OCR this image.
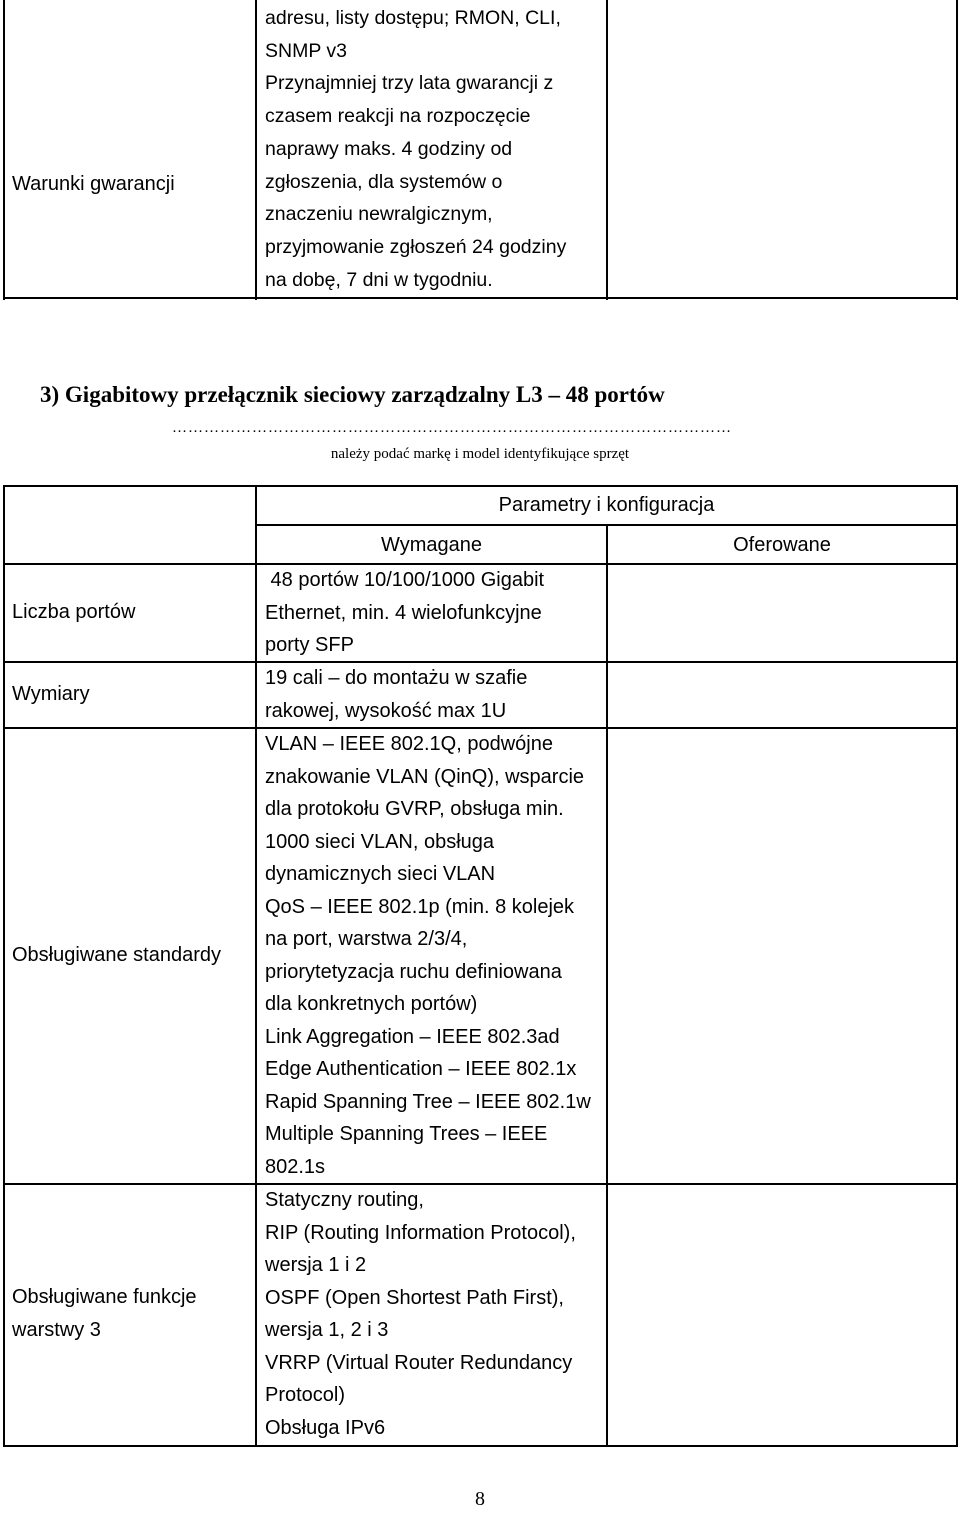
Warunki gwarancji
adresu, listy dostępu; RMON, CLI,
SNMP v3
Przynajmniej trzy lata gwarancji z
czasem reakcji na rozpoczęcie
naprawy maks. 4 godziny od
zgłoszenia, dla systemów o
znaczeniu newralgicznym,
przyjmowanie zgłoszeń 24 godziny
na dobę, 7 dni w tygodniu.
3) Gigabitowy przełącznik sieciowy zarządzalny L3 – 48 portów
……………………………………………………………………………………………
należy podać markę i model identyfikujące sprzęt
Parametry i konfiguracja
Wymagane	Oferowane
Liczba portów
Wymiary
Obsługiwane standardy
Obsługiwane funkcje
warstwy 3
48 portów 10/100/1000 Gigabit
Ethernet, min. 4 wielofunkcyjne
porty SFP
19 cali – do montażu w szafie
rakowej, wysokość max 1U
VLAN – IEEE 802.1Q, podwójne
znakowanie VLAN (QinQ), wsparcie
dla protokołu GVRP, obsługa min.
1000 sieci VLAN, obsługa
dynamicznych sieci VLAN
QoS – IEEE 802.1p (min. 8 kolejek
na port, warstwa 2/3/4,
priorytetyzacja ruchu definiowana
dla konkretnych portów)
Link Aggregation – IEEE 802.3ad
Edge Authentication – IEEE 802.1x
Rapid Spanning Tree – IEEE 802.1w
Multiple Spanning Trees – IEEE
802.1s
Statyczny routing,
RIP (Routing Information Protocol),
wersja 1 i 2
OSPF (Open Shortest Path First),
wersja 1, 2 i 3
VRRP (Virtual Router Redundancy
Protocol)
Obsługa IPv6
8
